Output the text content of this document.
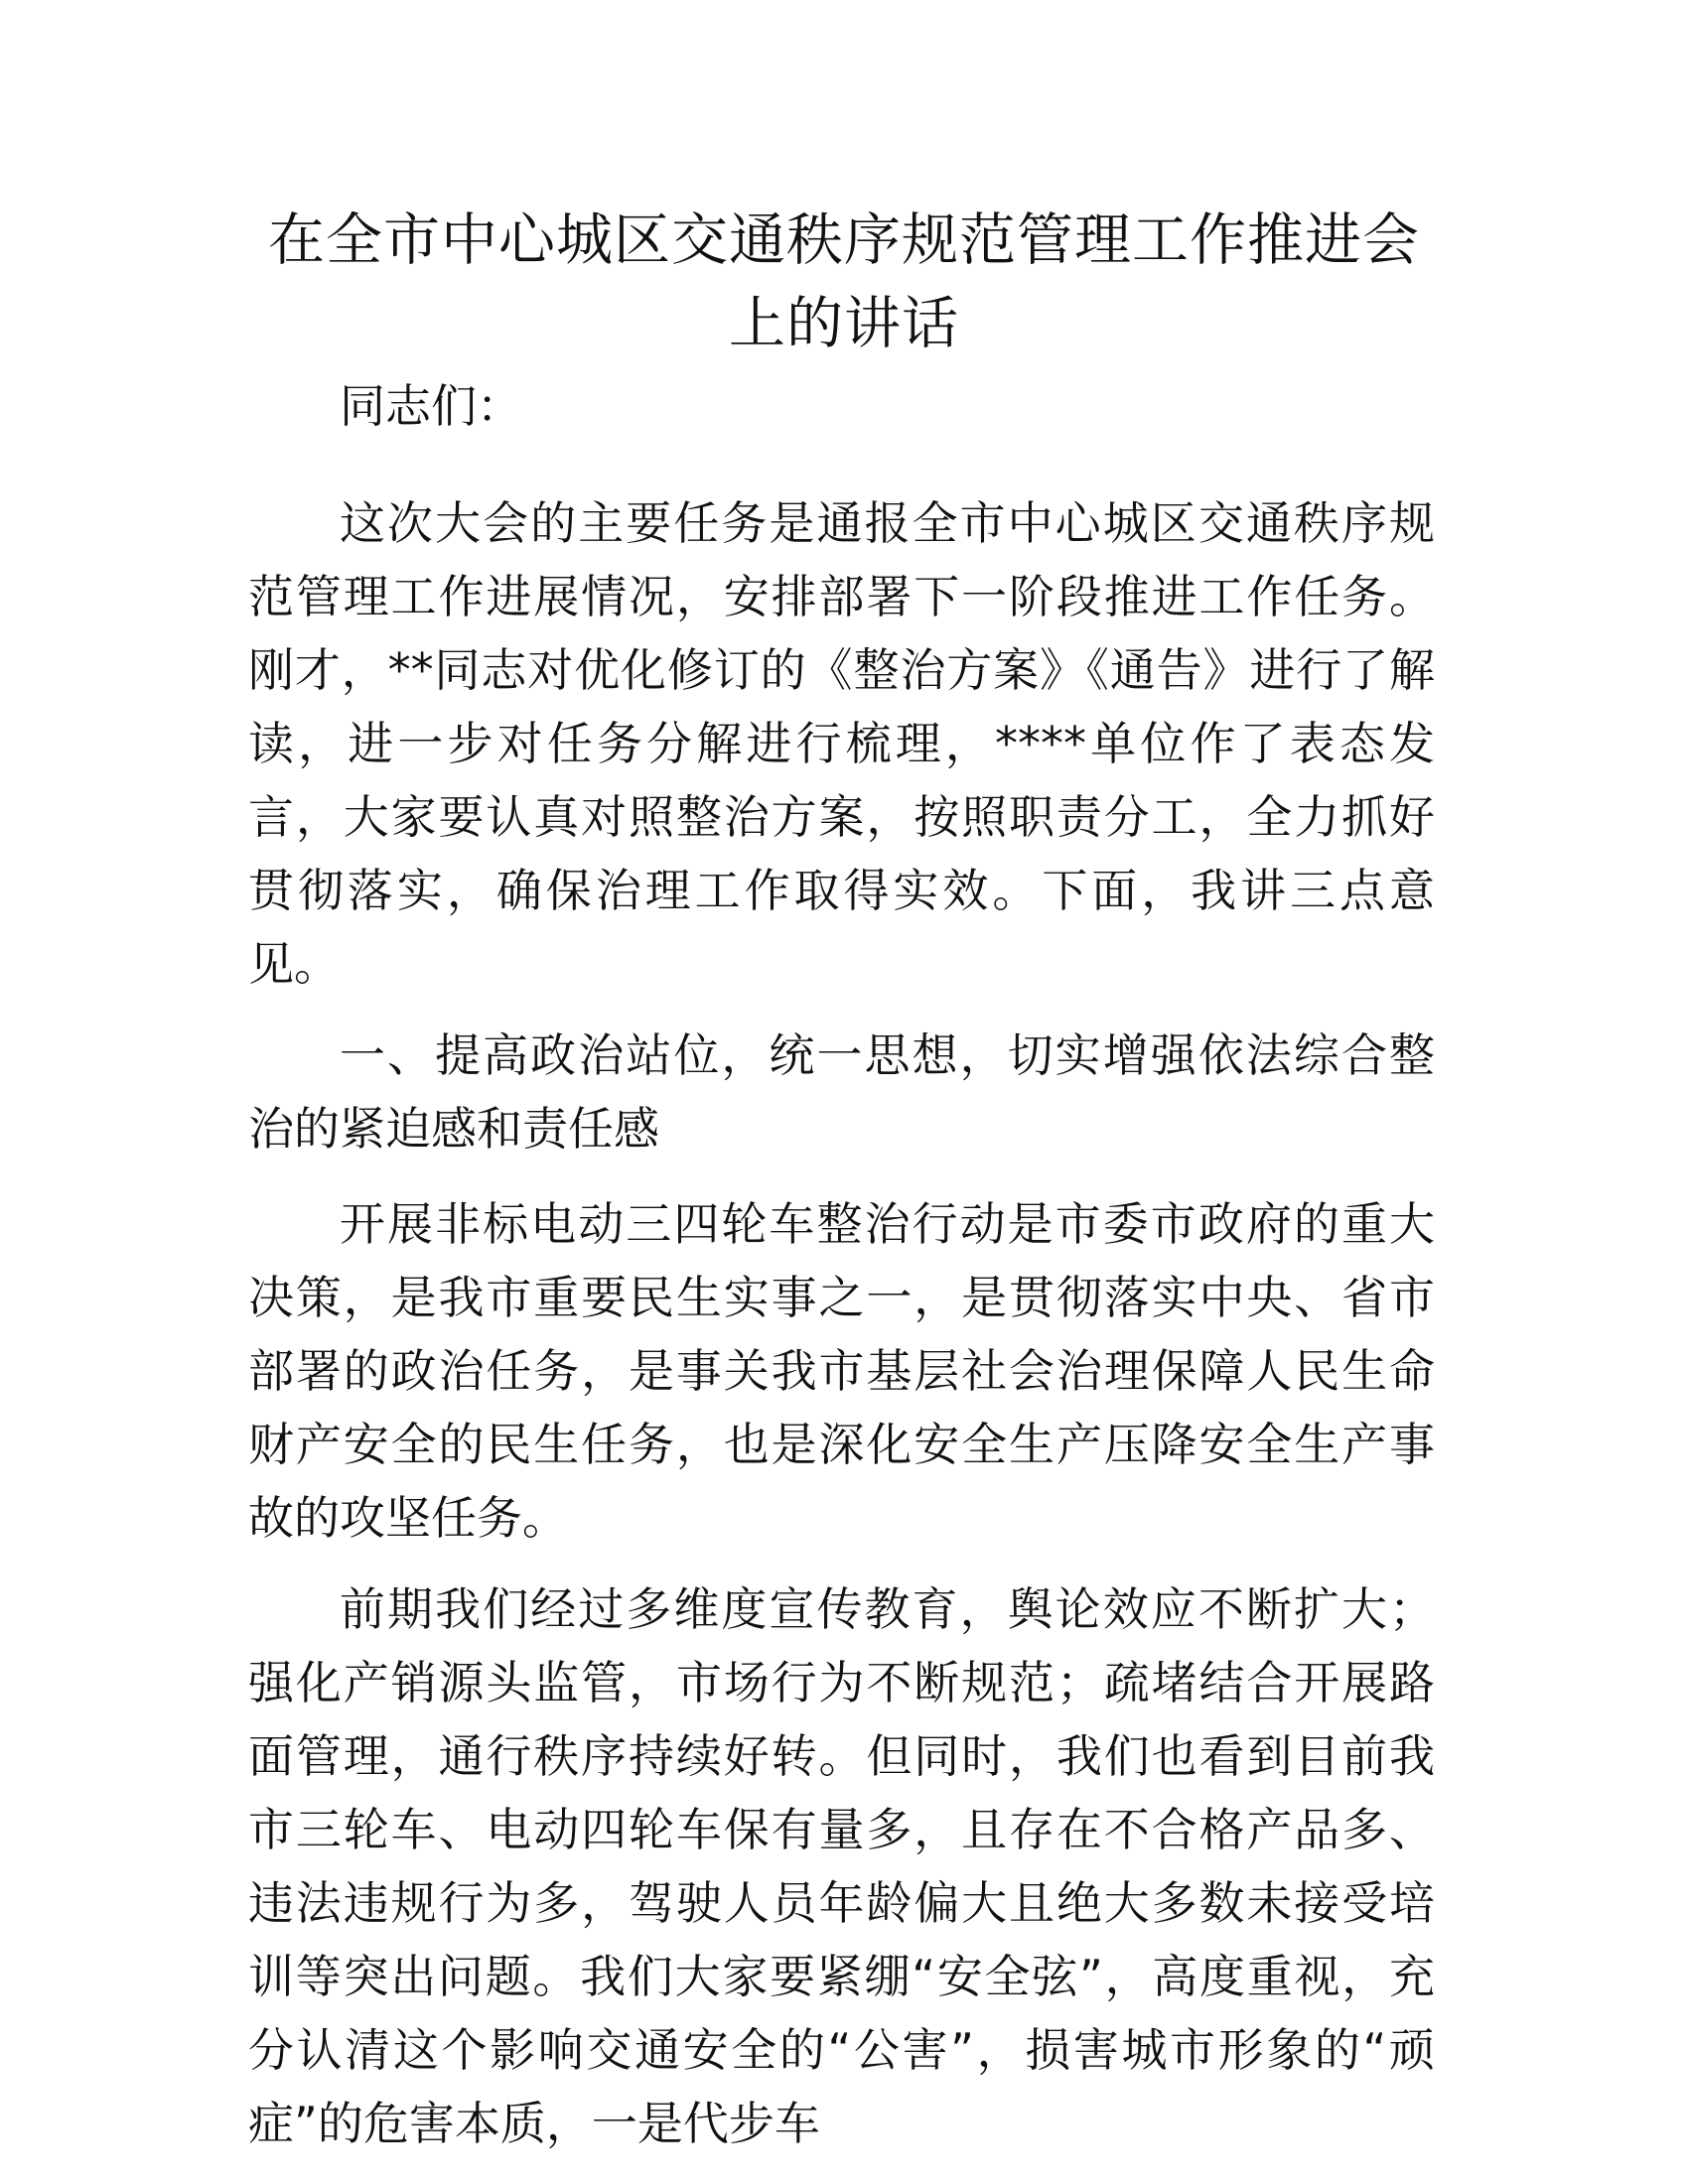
在全市中心城区交通秩序规范管理工作推进会
上的讲话

同志们：

这次大会的主要任务是通报全市中心城区交通秩序规范管理工作进展情况，安排部署下一阶段推进工作任务。刚才，**同志对优化修订的《整治方案》《通告》进行了解读，进一步对任务分解进行梳理，****单位作了表态发言，大家要认真对照整治方案，按照职责分工，全力抓好贯彻落实，确保治理工作取得实效。下面，我讲三点意见。

一、提高政治站位，统一思想，切实增强依法综合整治的紧迫感和责任感

开展非标电动三四轮车整治行动是市委市政府的重大决策，是我市重要民生实事之一，是贯彻落实中央、省市部署的政治任务，是事关我市基层社会治理保障人民生命财产安全的民生任务，也是深化安全生产压降安全生产事故的攻坚任务。

前期我们经过多维度宣传教育，舆论效应不断扩大；强化产销源头监管，市场行为不断规范；疏堵结合开展路面管理，通行秩序持续好转。但同时，我们也看到目前我市三轮车、电动四轮车保有量多，且存在不合格产品多、违法违规行为多，驾驶人员年龄偏大且绝大多数未接受培训等突出问题。我们大家要紧绷“安全弦”，高度重视，充分认清这个影响交通安全的“公害”，损害城市形象的“顽症”的危害本质，一是代步车
